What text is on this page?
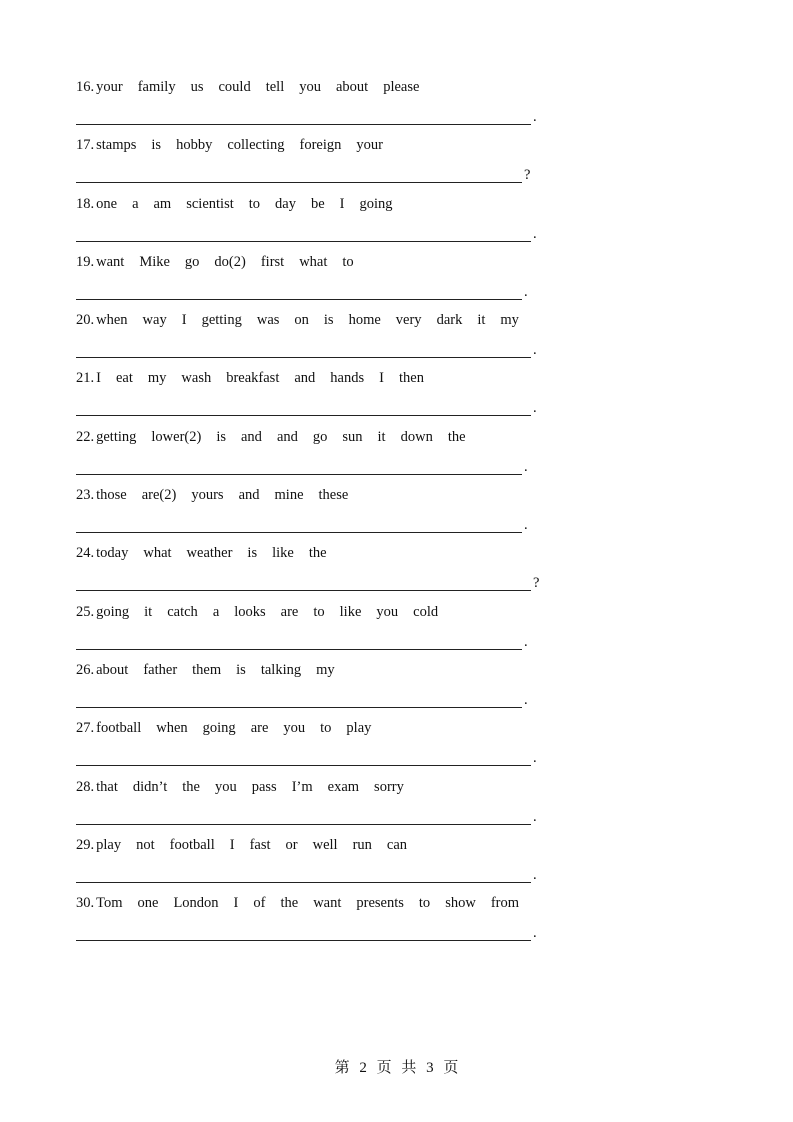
16. your family us could tell you about please
.
17. stamps is hobby collecting foreign your
?
18. one a am scientist to day be I going
.
19. want Mike go do(2) first what to
.
20. when way I getting was on is home very dark it my
.
21. I eat my wash breakfast and hands I then
.
22. getting lower(2) is and and go sun it down the
.
23. those are(2) yours and mine these
.
24. today what weather is like the
?
25. going it catch a looks are to like you cold
.
26. about father them is talking my
.
27. football when going are you to play
.
28. that didn’t the you pass I’m exam sorry
.
29. play not football I fast or well run can
.
30. Tom one London I of the want presents to show from
.
第 2 页 共 3 页
